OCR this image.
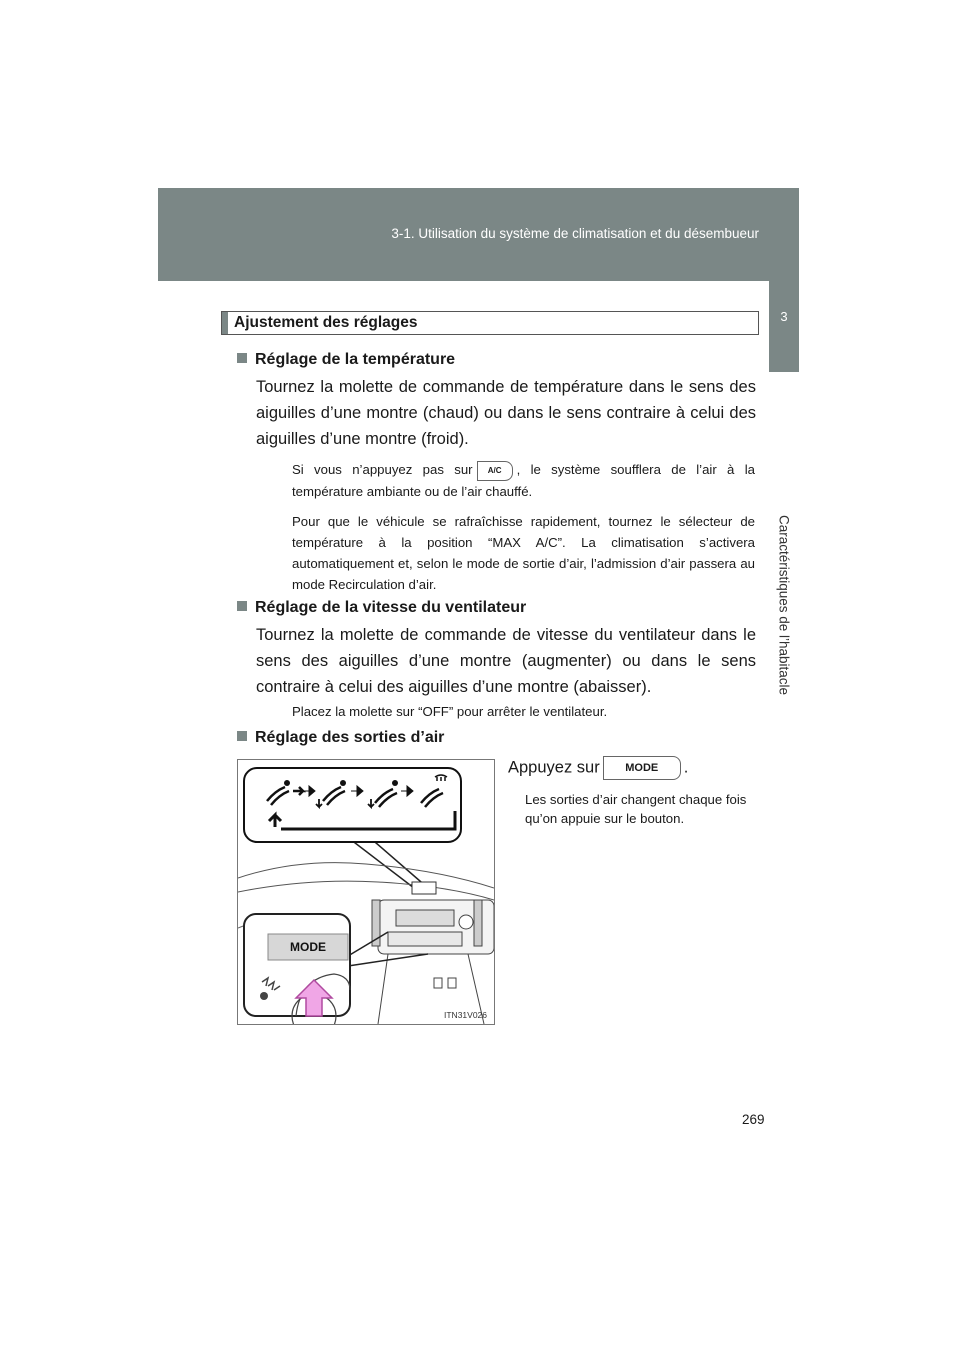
3-1. Utilisation du système de climatisation et du désembueur
3
Caractéristiques de l’habitacle
Ajustement des réglages
Réglage de la température
Tournez la molette de commande de température dans le sens des aiguilles d’une montre (chaud) ou dans le sens contraire à celui des aiguilles d’une montre (froid).
Si vous n’appuyez pas sur A/C , le système soufflera de l’air à la température ambiante ou de l’air chauffé.
Pour que le véhicule se rafraîchisse rapidement, tournez le sélecteur de température à la position “MAX A/C”. La climatisation s’activera automatiquement et, selon le mode de sortie d’air, l’admission d’air passera au mode Recirculation d’air.
Réglage de la vitesse du ventilateur
Tournez la molette de commande de vitesse du ventilateur dans le sens des aiguilles d’une montre (augmenter) ou dans le sens contraire à celui des aiguilles d’une montre (abaisser).
Placez la molette sur “OFF” pour arrêter le ventilateur.
Réglage des sorties d’air
Appuyez sur MODE .
Les sorties d’air changent chaque fois qu’on appuie sur le bouton.
MODE
ITN31V026
269
